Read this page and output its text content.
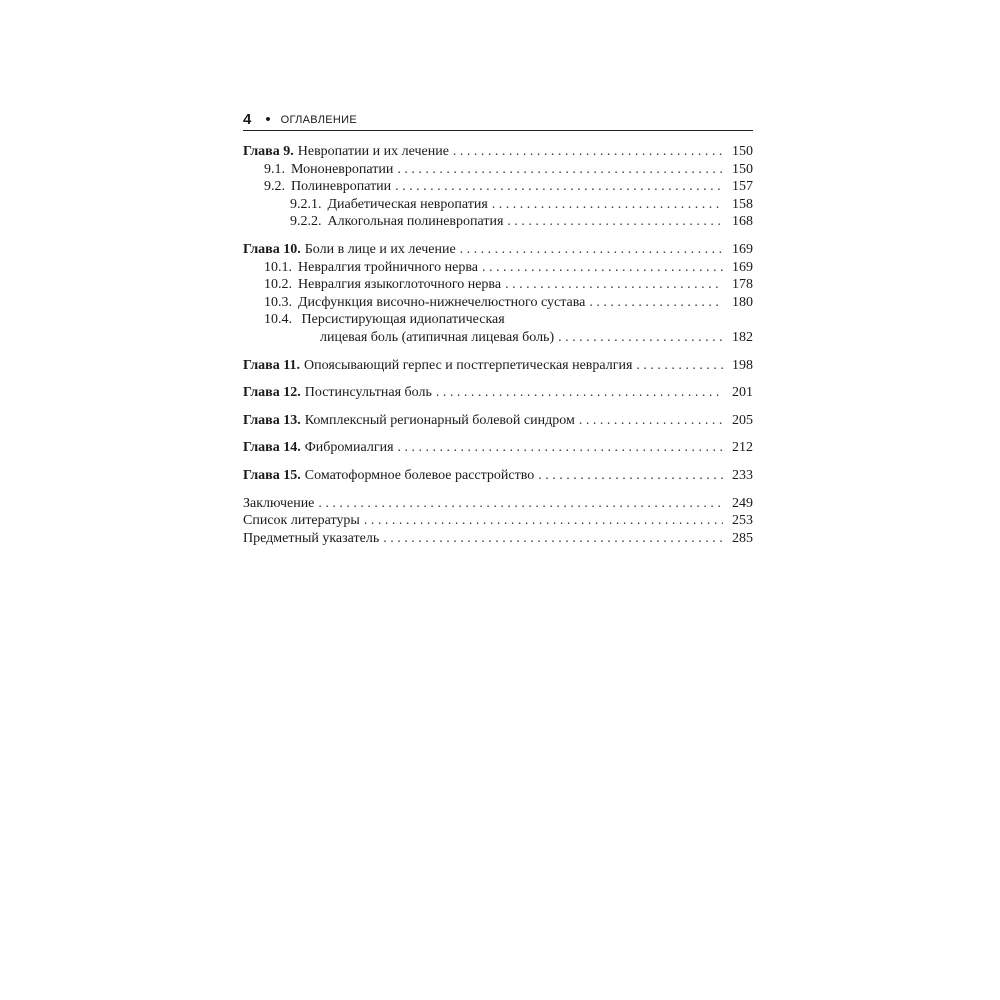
4 • ОГЛАВЛЕНИЕ
Глава 9. Невропатии и их лечение . . .	150
9.1. Мононевропатии . . .	150
9.2. Полиневропатии . . .	157
9.2.1. Диабетическая невропатия . . .	158
9.2.2. Алкогольная полиневропатия . . .	168
Глава 10. Боли в лице и их лечение . . .	169
10.1. Невралгия тройничного нерва . . .	169
10.2. Невралгия языкоглоточного нерва . . .	178
10.3. Дисфункция височно-нижнечелюстного сустава . . .	180
10.4. Персистирующая идиопатическая
лицевая боль (атипичная лицевая боль) . . .	182
Глава 11. Опоясывающий герпес и постгерпетическая невралгия . . .	198
Глава 12. Постинсультная боль . . .	201
Глава 13. Комплексный регионарный болевой синдром . . .	205
Глава 14. Фибромиалгия . . .	212
Глава 15. Соматоформное болевое расстройство . . .	233
Заключение . . .	249
Список литературы . . .	253
Предметный указатель . . .	285
